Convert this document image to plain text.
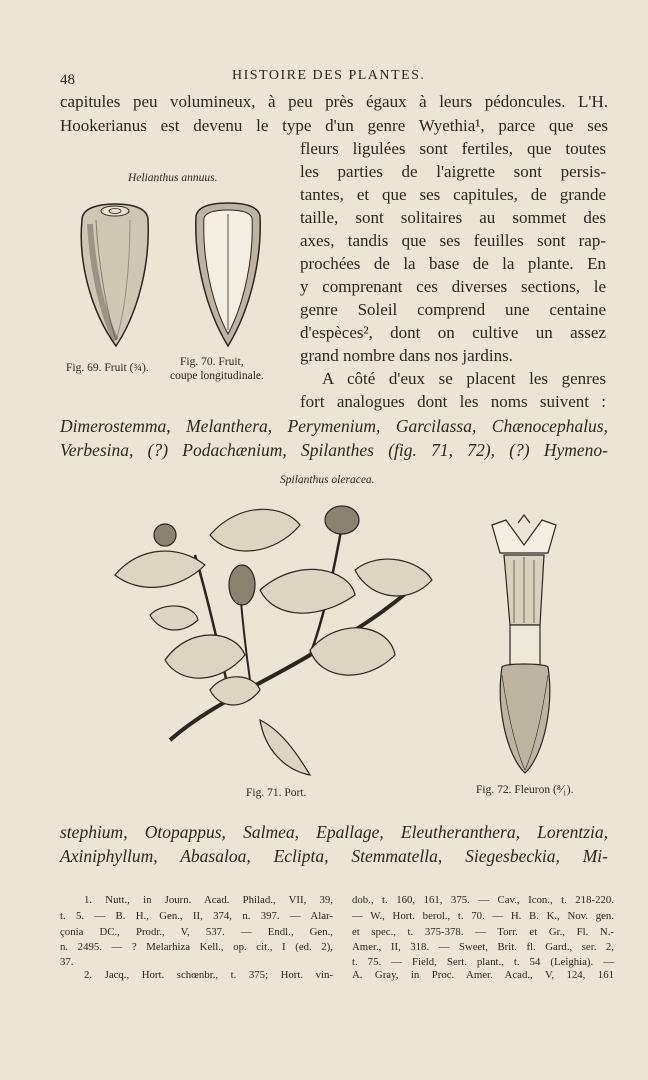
48	HISTOIRE DES PLANTES.
capitules peu volumineux, à peu près égaux à leurs pédoncules. L'H.
Hookerianus est devenu le type d'un genre Wyethia¹, parce que ses
fleurs ligulées sont fertiles, que toutes
les parties de l'aigrette sont persis-
tantes, et que ses capitules, de grande
taille, sont solitaires au sommet des
axes, tandis que ses feuilles sont rap-
prochées de la base de la plante. En
y comprenant ces diverses sections, le
genre Soleil comprend une centaine
d'espèces², dont on cultive un assez
grand nombre dans nos jardins.
A côté d'eux se placent les genres
fort analogues dont les noms suivent :
Dimerostemma, Melanthera, Perymenium, Garcilassa, Chænocephalus,
Verbesina, (?) Podachænium, Spilanthes (fig. 71, 72), (?) Hymeno-
Helianthus annuus.
Fig. 69. Fruit (¾).	Fig. 70. Fruit,
coupe longitudinale.
Spilanthus oleracea.
Fig. 71. Port.	Fig. 72. Fleuron (⁸⁄₁).
stephium, Otopappus, Salmea, Epallage, Eleutheranthera, Lorentzia,
Axiniphyllum, Abasaloa, Eclipta, Stemmatella, Siegesbeckia, Mi-
1. Nutt., in Journ. Acad. Philad., VII, 39,
t. 5. — B. H., Gen., II, 374, n. 397. — Alar-
çonia DC., Prodr., V, 537. — Endl., Gen.,
n. 2495. — ? Melarhiza Kell., op. cit., I (ed. 2),
37.
2. Jacq., Hort. schœnbr., t. 375; Hort. vin-
dob., t. 160, 161, 375. — Cav., Icon., t. 218-220.
— W., Hort. berol., t. 70. — H. B. K., Nov. gen.
et spec., t. 375-378. — Torr. et Gr., Fl. N.-
Amer., II, 318. — Sweet, Brit. fl. Gard., ser. 2,
t. 75. — Field, Sert. plant., t. 54 (Leighia). —
A. Gray, in Proc. Amer. Acad., V, 124, 161
